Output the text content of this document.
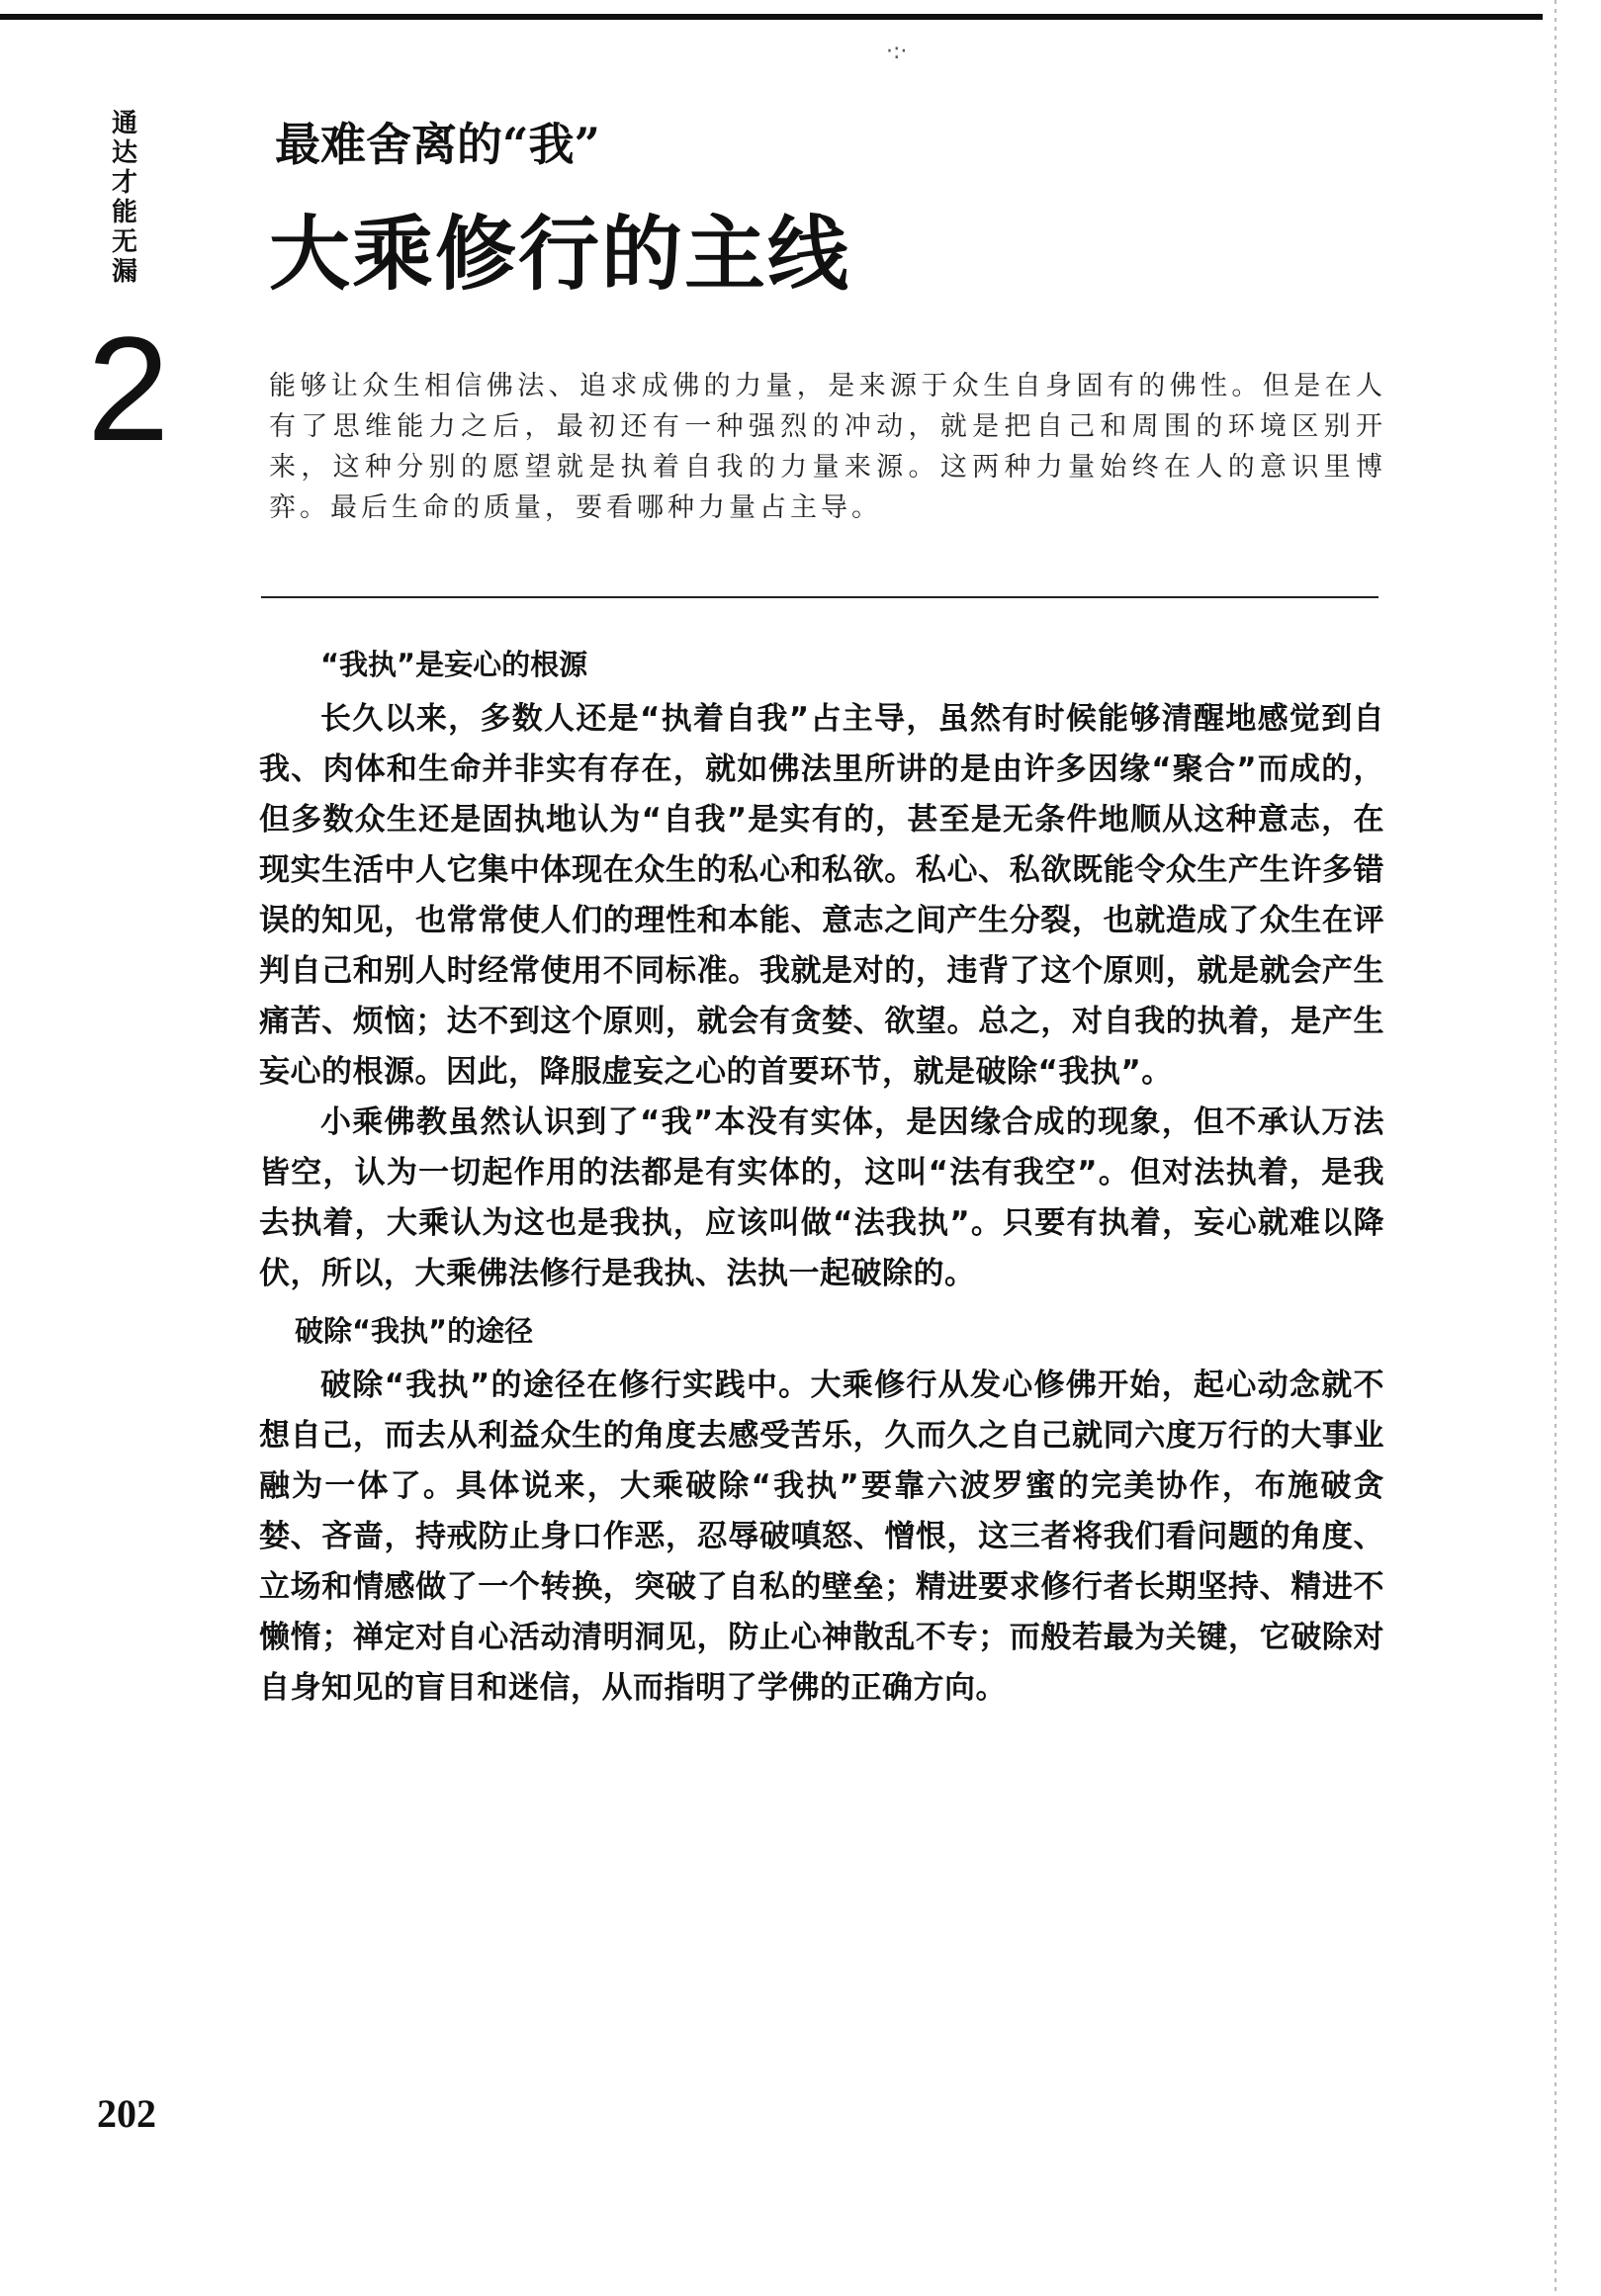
·:·
通达才能无漏
2
最难舍离的“我”
大乘修行的主线
能够让众生相信佛法、追求成佛的力量，是来源于众生自身固有的佛性。但是在人有了思维能力之后，最初还有一种强烈的冲动，就是把自己和周围的环境区别开来，这种分别的愿望就是执着自我的力量来源。这两种力量始终在人的意识里博弈。最后生命的质量，要看哪种力量占主导。
“我执”是妄心的根源

长久以来，多数人还是“执着自我”占主导，虽然有时候能够清醒地感觉到自我、肉体和生命并非实有存在，就如佛法里所讲的是由许多因缘“聚合”而成的，但多数众生还是固执地认为“自我”是实有的，甚至是无条件地顺从这种意志，在现实生活中人它集中体现在众生的私心和私欲。私心、私欲既能令众生产生许多错误的知见，也常常使人们的理性和本能、意志之间产生分裂，也就造成了众生在评判自己和别人时经常使用不同标准。我就是对的，违背了这个原则，就是就会产生痛苦、烦恼；达不到这个原则，就会有贪婪、欲望。总之，对自我的执着，是产生妄心的根源。因此，降服虚妄之心的首要环节，就是破除“我执”。

小乘佛教虽然认识到了“我”本没有实体，是因缘合成的现象，但不承认万法皆空，认为一切起作用的法都是有实体的，这叫“法有我空”。但对法执着，是我去执着，大乘认为这也是我执，应该叫做“法我执”。只要有执着，妄心就难以降伏，所以，大乘佛法修行是我执、法执一起破除的。

破除“我执”的途径

破除“我执”的途径在修行实践中。大乘修行从发心修佛开始，起心动念就不想自己，而去从利益众生的角度去感受苦乐，久而久之自己就同六度万行的大事业融为一体了。具体说来，大乘破除“我执”要靠六波罗蜜的完美协作，布施破贪婪、吝啬，持戒防止身口作恶，忍辱破嗔怒、憎恨，这三者将我们看问题的角度、立场和情感做了一个转换，突破了自私的壁垒；精进要求修行者长期坚持、精进不懒惰；禅定对自心活动清明洞见，防止心神散乱不专；而般若最为关键，它破除对自身知见的盲目和迷信，从而指明了学佛的正确方向。

202
